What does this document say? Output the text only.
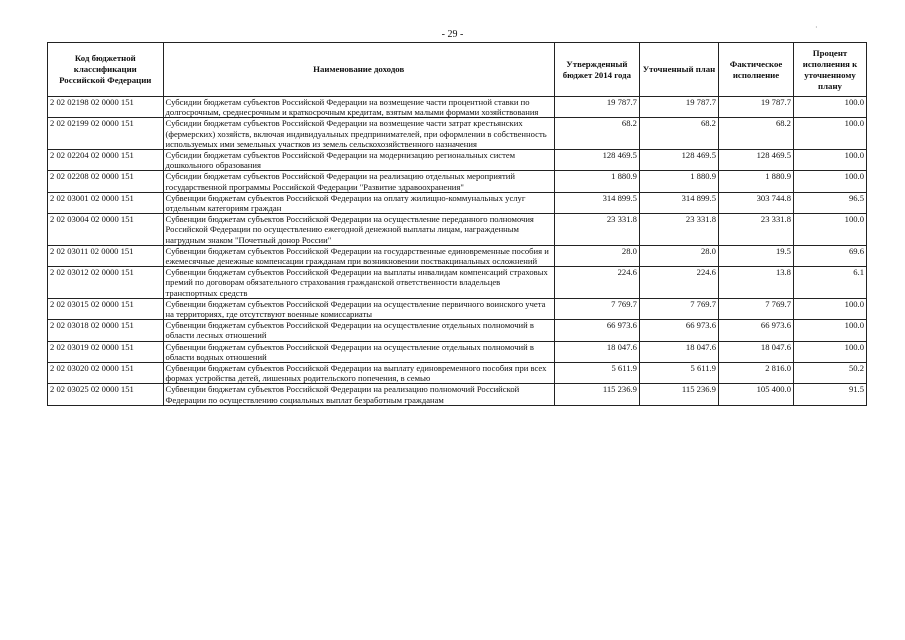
- 29 -
·
Код бюджетной классификации Российской Федерации	Наименование доходов	Утвержденный бюджет 2014 года	Уточненный план	Фактическое исполнение	Процент исполнения к уточненному плану
2 02 02198 02 0000 151	Субсидии бюджетам субъектов Российской Федерации на возмещение части процентной ставки по долгосрочным, среднесрочным и краткосрочным кредитам, взятым малыми формами хозяйствования	19 787.7	19 787.7	19 787.7	100.0
2 02 02199 02 0000 151	Субсидии бюджетам субъектов Российской Федерации на возмещение части затрат крестьянских (фермерских) хозяйств, включая индивидуальных предпринимателей, при оформлении в собственность используемых ими земельных участков из земель сельскохозяйственного назначения	68.2	68.2	68.2	100.0
2 02 02204 02 0000 151	Субсидии бюджетам субъектов Российской Федерации на модернизацию региональных систем дошкольного образования	128 469.5	128 469.5	128 469.5	100.0
2 02 02208 02 0000 151	Субсидии бюджетам субъектов Российской Федерации на реализацию отдельных мероприятий государственной программы Российской Федерации "Развитие здравоохранения"	1 880.9	1 880.9	1 880.9	100.0
2 02 03001 02 0000 151	Субвенции бюджетам субъектов Российской Федерации на оплату жилищно-коммунальных услуг отдельным категориям граждан	314 899.5	314 899.5	303 744.8	96.5
2 02 03004 02 0000 151	Субвенции бюджетам субъектов Российской Федерации на осуществление переданного полномочия Российской Федерации по осуществлению ежегодной денежной выплаты лицам, награжденным нагрудным знаком "Почетный донор России"	23 331.8	23 331.8	23 331.8	100.0
2 02 03011 02 0000 151	Субвенции бюджетам субъектов Российской Федерации на государственные единовременные пособия и ежемесячные денежные компенсации гражданам при возникновении поствакцинальных осложнений	28.0	28.0	19.5	69.6
2 02 03012 02 0000 151	Субвенции бюджетам субъектов Российской Федерации на выплаты инвалидам компенсаций страховых премий по договорам обязательного страхования гражданской ответственности владельцев транспортных средств	224.6	224.6	13.8	6.1
2 02 03015 02 0000 151	Субвенции бюджетам субъектов Российской Федерации на осуществление первичного воинского учета на территориях, где отсутствуют военные комиссариаты	7 769.7	7 769.7	7 769.7	100.0
2 02 03018 02 0000 151	Субвенции бюджетам субъектов Российской Федерации на осуществление отдельных полномочий в области лесных отношений	66 973.6	66 973.6	66 973.6	100.0
2 02 03019 02 0000 151	Субвенции бюджетам субъектов Российской Федерации на осуществление отдельных полномочий в области водных отношений	18 047.6	18 047.6	18 047.6	100.0
2 02 03020 02 0000 151	Субвенции бюджетам субъектов Российской Федерации на выплату единовременного пособия при всех формах устройства детей, лишенных родительского попечения, в семью	5 611.9	5 611.9	2 816.0	50.2
2 02 03025 02 0000 151	Субвенции бюджетам субъектов Российской Федерации на реализацию полномочий Российской Федерации по осуществлению социальных выплат безработным гражданам	115 236.9	115 236.9	105 400.0	91.5
